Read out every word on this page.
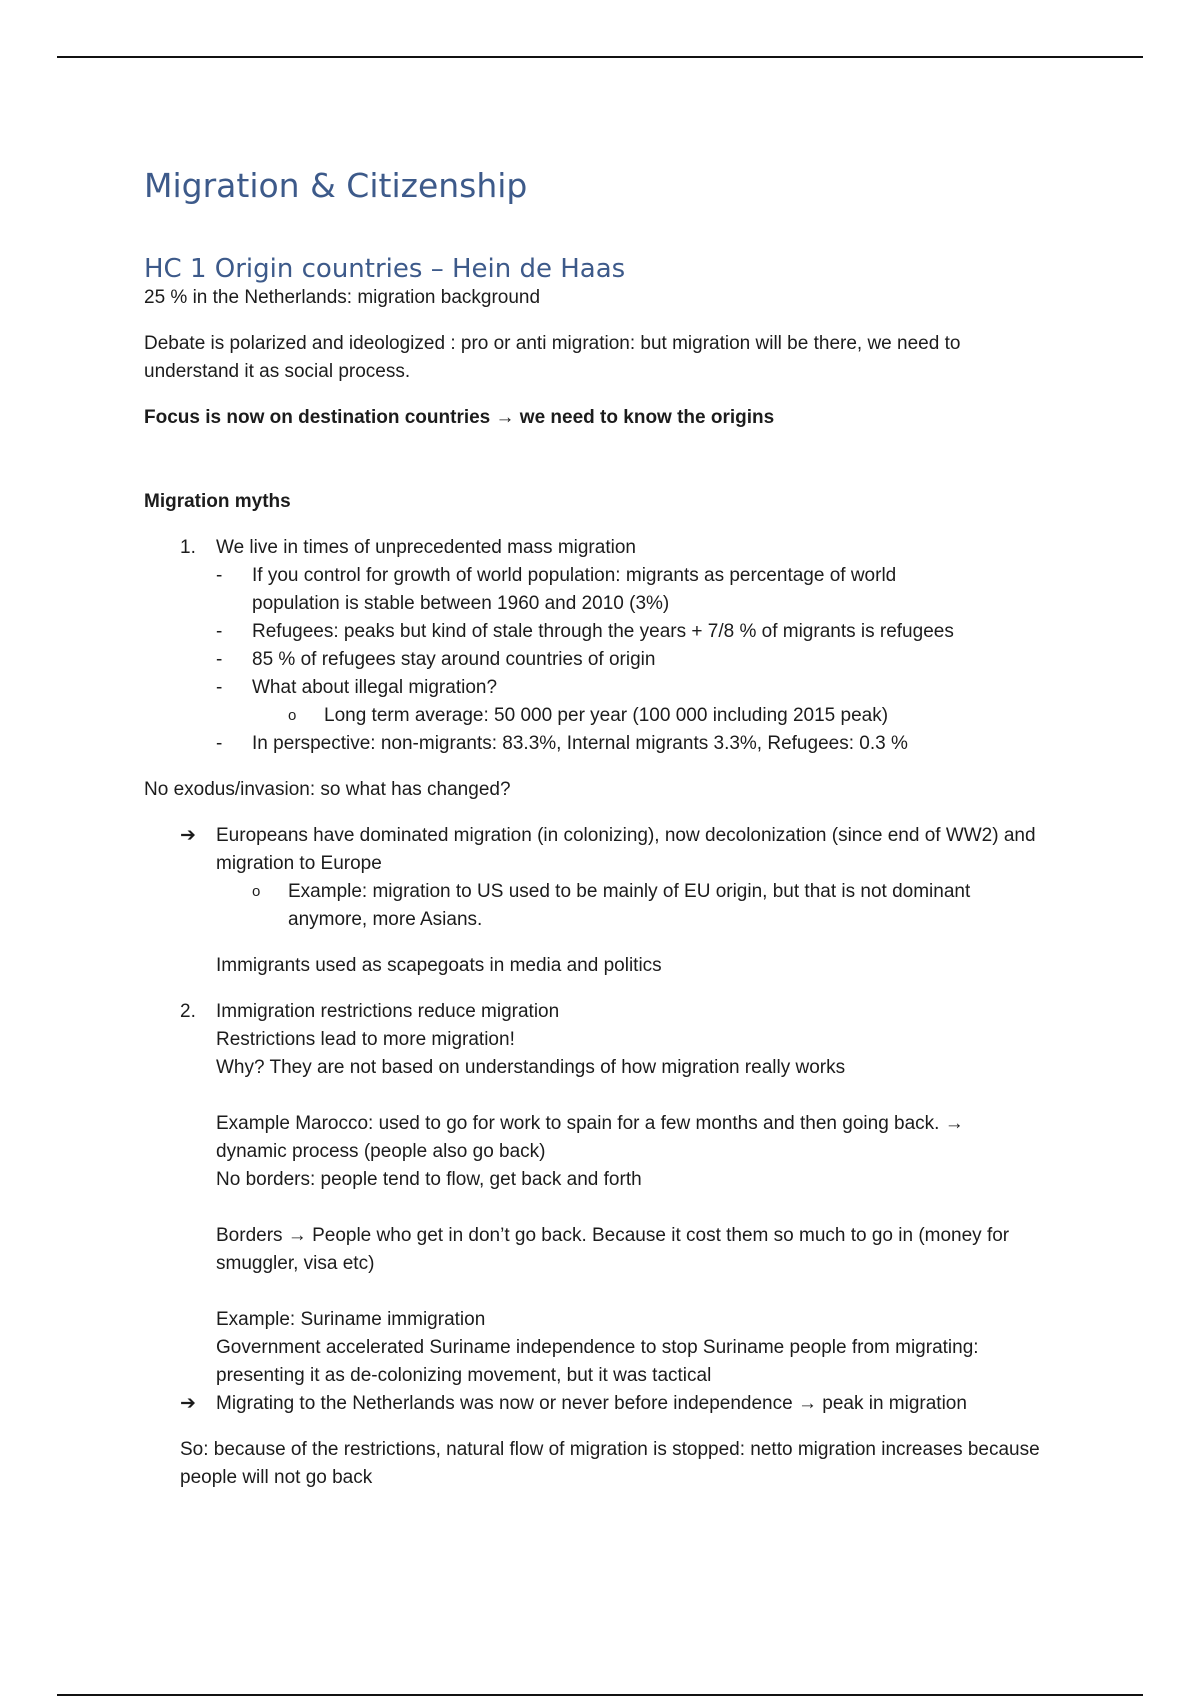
Migration & Citizenship
HC 1 Origin countries – Hein de Haas

25 % in the Netherlands: migration background

Debate is polarized and ideologized : pro or anti migration: but migration will be there, we need to understand it as social process.

Focus is now on destination countries → we need to know the origins

Migration myths

1.	We live in times of unprecedented mass migration

-	If you control for growth of world population: migrants as percentage of world population is stable between 1960 and 2010 (3%)

-	Refugees: peaks but kind of stale through the years + 7/8 % of migrants is refugees

-	85 % of refugees stay around countries of origin

-	What about illegal migration?

o	Long term average: 50 000 per year (100 000 including 2015 peak)

-	In perspective: non-migrants: 83.3%, Internal migrants 3.3%, Refugees: 0.3 %

No exodus/invasion: so what has changed?

➔	Europeans have dominated migration (in colonizing), now decolonization (since end of WW2) and migration to Europe

o	Example: migration to US used to be mainly of EU origin, but that is not dominant anymore, more Asians.

Immigrants used as scapegoats in media and politics

2.	Immigration restrictions reduce migration

Restrictions lead to more migration!

Why? They are not based on understandings of how migration really works

Example Marocco: used to go for work to spain for a few months and then going back. → dynamic process (people also go back)

No borders: people tend to flow, get back and forth

Borders → People who get in don’t go back. Because it cost them so much to go in (money for smuggler, visa etc)

Example: Suriname immigration

Government accelerated Suriname independence to stop Suriname people from migrating: presenting it as de-colonizing movement, but it was tactical

➔	Migrating to the Netherlands was now or never before independence → peak in migration

So: because of the restrictions, natural flow of migration is stopped: netto migration increases because people will not go back
